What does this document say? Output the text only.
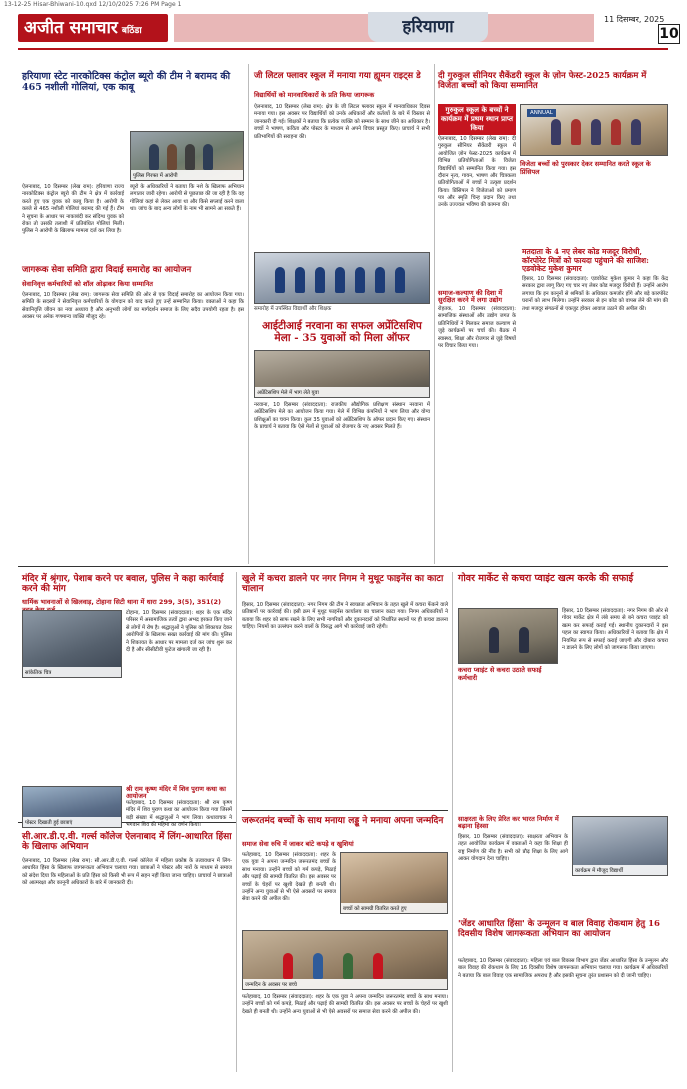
13-12-25 Hisar-Bhiwani-10.qxd 12/10/2025 7:26 PM Page 1
अजीत समाचार बठिंडा	हरियाणा	11 दिसम्बर, 2025
10
हरियाणा स्टेट नारकोटिक्स कंट्रोल ब्यूरो की टीम ने बरामद की 465 नशीली गोलियां, एक काबू
पुलिस गिरफ्त में आरोपी
ऐलनाबाद, 10 दिसम्बर (लेख राम): हरियाणा राज्य नारकोटिक्स कंट्रोल ब्यूरो की टीम ने क्षेत्र में कार्रवाई करते हुए एक युवक को काबू किया है। आरोपी के कब्जे से 465 नशीली गोलियां बरामद की गई हैं। टीम ने सूचना के आधार पर नाकाबंदी कर संदिग्ध युवक को रोका तो उसकी तलाशी में प्रतिबंधित गोलियां मिलीं। पुलिस ने आरोपी के खिलाफ मामला दर्ज कर लिया है।
ब्यूरो के अधिकारियों ने बताया कि नशे के खिलाफ अभियान लगातार जारी रहेगा। आरोपी से पूछताछ की जा रही है कि वह गोलियां कहां से लेकर आया था और किसे सप्लाई करने वाला था। जांच के बाद अन्य लोगों के नाम भी सामने आ सकते हैं।
जागरूक सेवा समिति द्वारा विदाई समारोह का आयोजन
सेवानिवृत्त कर्मचारियों को शॉल ओढ़ाकर किया सम्मानित
ऐलनाबाद, 10 दिसम्बर (लेख राम): जागरूक सेवा समिति की ओर से एक विदाई समारोह का आयोजन किया गया। समिति के सदस्यों ने सेवानिवृत्त कर्मचारियों के योगदान को याद करते हुए उन्हें सम्मानित किया। वक्ताओं ने कहा कि सेवानिवृत्ति जीवन का नया अध्याय है और अनुभवी लोगों का मार्गदर्शन समाज के लिए सदैव उपयोगी रहता है। इस अवसर पर अनेक गणमान्य व्यक्ति मौजूद रहे।
जी लिटल फ्लावर स्कूल में मनाया गया ह्यूमन राइट्स डे
विद्यार्थियों को मानवाधिकारों के प्रति किया जागरूक
ऐलनाबाद, 10 दिसम्बर (लेख राम): क्षेत्र के जी लिटल फ्लावर स्कूल में मानवाधिकार दिवस मनाया गया। इस अवसर पर विद्यार्थियों को उनके अधिकारों और कर्तव्यों के बारे में विस्तार से जानकारी दी गई। शिक्षकों ने बताया कि प्रत्येक व्यक्ति को सम्मान के साथ जीने का अधिकार है। बच्चों ने भाषण, कविता और पोस्टर के माध्यम से अपने विचार प्रस्तुत किए। प्राचार्य ने सभी प्रतिभागियों की सराहना की।
समारोह में उपस्थित विद्यार्थी और शिक्षक
आईटीआई नरवाना का सफल अप्रेंटिसशिप मेला - 35 युवाओं को मिला ऑफर
अप्रेंटिसशिप मेले में भाग लेते युवा
नरवाना, 10 दिसम्बर (संवाददाता): राजकीय औद्योगिक प्रशिक्षण संस्थान नरवाना में अप्रेंटिसशिप मेले का आयोजन किया गया। मेले में विभिन्न कंपनियों ने भाग लिया और योग्य प्रशिक्षुओं का चयन किया। कुल 35 युवाओं को अप्रेंटिसशिप के ऑफर प्रदान किए गए। संस्थान के प्राचार्य ने बताया कि ऐसे मेलों से युवाओं को रोजगार के नए अवसर मिलते हैं।
दी गुरुकुल सीनियर सैकेंडरी स्कूल के ज़ोन फेस्ट-2025 कार्यक्रम में विजेता बच्चों को किया सम्मानित
गुरुकुल स्कूल के बच्चों ने कार्यक्रम में प्रथम स्थान प्राप्त किया
ANNUAL
विजेता बच्चों को पुरस्कार देकर सम्मानित करते स्कूल के प्रिंसिपल
ऐलनाबाद, 10 दिसम्बर (लेख राम): दी गुरुकुल सीनियर सैकेंडरी स्कूल में आयोजित ज़ोन फेस्ट-2025 कार्यक्रम में विभिन्न प्रतियोगिताओं के विजेता विद्यार्थियों को सम्मानित किया गया। इस दौरान नृत्य, गायन, भाषण और चित्रकला प्रतियोगिताओं में बच्चों ने उत्कृष्ट प्रदर्शन किया। प्रिंसिपल ने विजेताओं को प्रमाण पत्र और स्मृति चिन्ह प्रदान किए तथा उनके उज्ज्वल भविष्य की कामना की।
समाज-कल्याण की दिशा में सुरक्षित करने में लगा उद्योग
रोहतक, 10 दिसम्बर (संवाददाता): सामाजिक संस्थाओं और उद्योग जगत के प्रतिनिधियों ने मिलकर समाज कल्याण से जुड़े कार्यक्रमों पर चर्चा की। बैठक में स्वास्थ्य, शिक्षा और रोजगार से जुड़े विषयों पर विचार किया गया।
मतदाता के 4 नए लेबर कोड मजदूर विरोधी, कॉरपोरेट मित्रों को फायदा पहुंचाने की साजिश: एडवोकेट मुकेश कुमार
हिसार, 10 दिसम्बर (संवाददाता): एडवोकेट मुकेश कुमार ने कहा कि केंद्र सरकार द्वारा लागू किए गए चार नए लेबर कोड मजदूर विरोधी हैं। उन्होंने आरोप लगाया कि इन कानूनों से श्रमिकों के अधिकार कमजोर होंगे और बड़े कारपोरेट घरानों को लाभ मिलेगा। उन्होंने सरकार से इन कोड को वापस लेने की मांग की तथा मजदूर संगठनों से एकजुट होकर आवाज उठाने की अपील की।
मंदिर में श्रृंगार, पेशाब करने पर बवाल, पुलिस ने कहा कार्रवाई करने की मांग
धार्मिक भावनाओं से खिलवाड़, टोहाना सिटी थाना में धारा 299, 3(5), 351(2)
सांकेतिक चित्र
टोहाना, 10 दिसम्बर (संवाददाता): शहर के एक मंदिर परिसर में असामाजिक तत्वों द्वारा अभद्र हरकत किए जाने से लोगों में रोष है। श्रद्धालुओं ने पुलिस को शिकायत देकर आरोपियों के खिलाफ सख्त कार्रवाई की मांग की। पुलिस ने शिकायत के आधार पर मामला दर्ज कर जांच शुरू कर दी है और सीसीटीवी फुटेज खंगाली जा रही है।
खुले में कचरा डालने पर नगर निगम ने मुथूट फाइनेंस का काटा चालान
हिसार, 10 दिसम्बर (संवाददाता): नगर निगम की टीम ने स्वच्छता अभियान के तहत खुले में कचरा फेंकने वाले प्रतिष्ठानों पर कार्रवाई की। इसी क्रम में मुथूट फाइनेंस कार्यालय का चालान काटा गया। निगम अधिकारियों ने बताया कि शहर को साफ रखने के लिए सभी नागरिकों और दुकानदारों को निर्धारित स्थानों पर ही कचरा डालना चाहिए। नियमों का उल्लंघन करने वालों के विरुद्ध आगे भी कार्रवाई जारी रहेगी।
गोवर मार्केट से कचरा प्वाइंट खत्म करके की सफाई
कचरा प्वाइंट से कचरा उठाते सफाई कर्मचारी
हिसार, 10 दिसम्बर (संवाददाता): नगर निगम की ओर से गोवर मार्केट क्षेत्र में लंबे समय से बने कचरा प्वाइंट को खत्म कर सफाई कराई गई। स्थानीय दुकानदारों ने इस पहल का स्वागत किया। अधिकारियों ने बताया कि क्षेत्र में नियमित रूप से सफाई कराई जाएगी और दोबारा कचरा न डालने के लिए लोगों को जागरूक किया जाएगा।
पोस्टर दिखाती हुई छात्राएं
सी.आर.डी.ए.वी. गर्ल्स कॉलेज ऐलनाबाद में लिंग-आधारित हिंसा के खिलाफ अभियान
ऐलनाबाद, 10 दिसम्बर (लेख राम): सी.आर.डी.ए.वी. गर्ल्स कॉलेज में महिला प्रकोष्ठ के तत्वावधान में लिंग-आधारित हिंसा के खिलाफ जागरूकता अभियान चलाया गया। छात्राओं ने पोस्टर और नारों के माध्यम से समाज को संदेश दिया कि महिलाओं के प्रति हिंसा को किसी भी रूप में सहन नहीं किया जाना चाहिए। प्राचार्या ने छात्राओं को आत्मरक्षा और कानूनी अधिकारों के बारे में जानकारी दी।
श्री राम कृष्ण मंदिर में शिव पुराण कथा का आयोजन
फतेहाबाद, 10 दिसम्बर (संवाददाता): श्री राम कृष्ण मंदिर में शिव पुराण कथा का आयोजन किया गया जिसमें बड़ी संख्या में श्रद्धालुओं ने भाग लिया। कथावाचक ने भगवान शिव की महिमा का वर्णन किया।	जरूरतमंद बच्चों के साथ मनाया लड्डू ने मनाया अपना जन्मदिन
समाज सेवा रुचि में जाकर बांटे कपड़े व खुशियां
फतेहाबाद, 10 दिसम्बर (संवाददाता): शहर के एक युवा ने अपना जन्मदिन जरूरतमंद बच्चों के साथ मनाया। उन्होंने बच्चों को गर्म कपड़े, मिठाई और पढ़ाई की सामग्री वितरित की। इस अवसर पर बच्चों के चेहरों पर खुशी देखते ही बनती थी। उन्होंने अन्य युवाओं से भी ऐसे अवसरों पर समाज सेवा करने की अपील की।
बच्चों को सामग्री वितरित करते हुए
जन्मदिन के अवसर पर बच्चे
फतेहाबाद, 10 दिसम्बर (संवाददाता): शहर के एक युवा ने अपना जन्मदिन जरूरतमंद बच्चों के साथ मनाया। उन्होंने बच्चों को गर्म कपड़े, मिठाई और पढ़ाई की सामग्री वितरित की। इस अवसर पर बच्चों के चेहरों पर खुशी देखते ही बनती थी। उन्होंने अन्य युवाओं से भी ऐसे अवसरों पर समाज सेवा करने की अपील की।
साक्षरता के लिए प्रेरित कर भारत निर्माण में बढ़ाना हिस्सा
हिसार, 10 दिसम्बर (संवाददाता): साक्षरता अभियान के तहत आयोजित कार्यक्रम में वक्ताओं ने कहा कि शिक्षा ही राष्ट्र निर्माण की नींव है। सभी को प्रौढ़ शिक्षा के लिए आगे आकर योगदान देना चाहिए।
कार्यक्रम में मौजूद विद्यार्थी
'जेंडर आधारित हिंसा' के उन्मूलन व बाल विवाह रोकथाम हेतु 16 दिवसीय विशेष जागरूकता अभियान का आयोजन
फतेहाबाद, 10 दिसम्बर (संवाददाता): महिला एवं बाल विकास विभाग द्वारा जेंडर आधारित हिंसा के उन्मूलन और बाल विवाह की रोकथाम के लिए 16 दिवसीय विशेष जागरूकता अभियान चलाया गया। कार्यक्रम में अधिकारियों ने बताया कि बाल विवाह एक सामाजिक अपराध है और इसकी सूचना तुरंत प्रशासन को दी जानी चाहिए।
